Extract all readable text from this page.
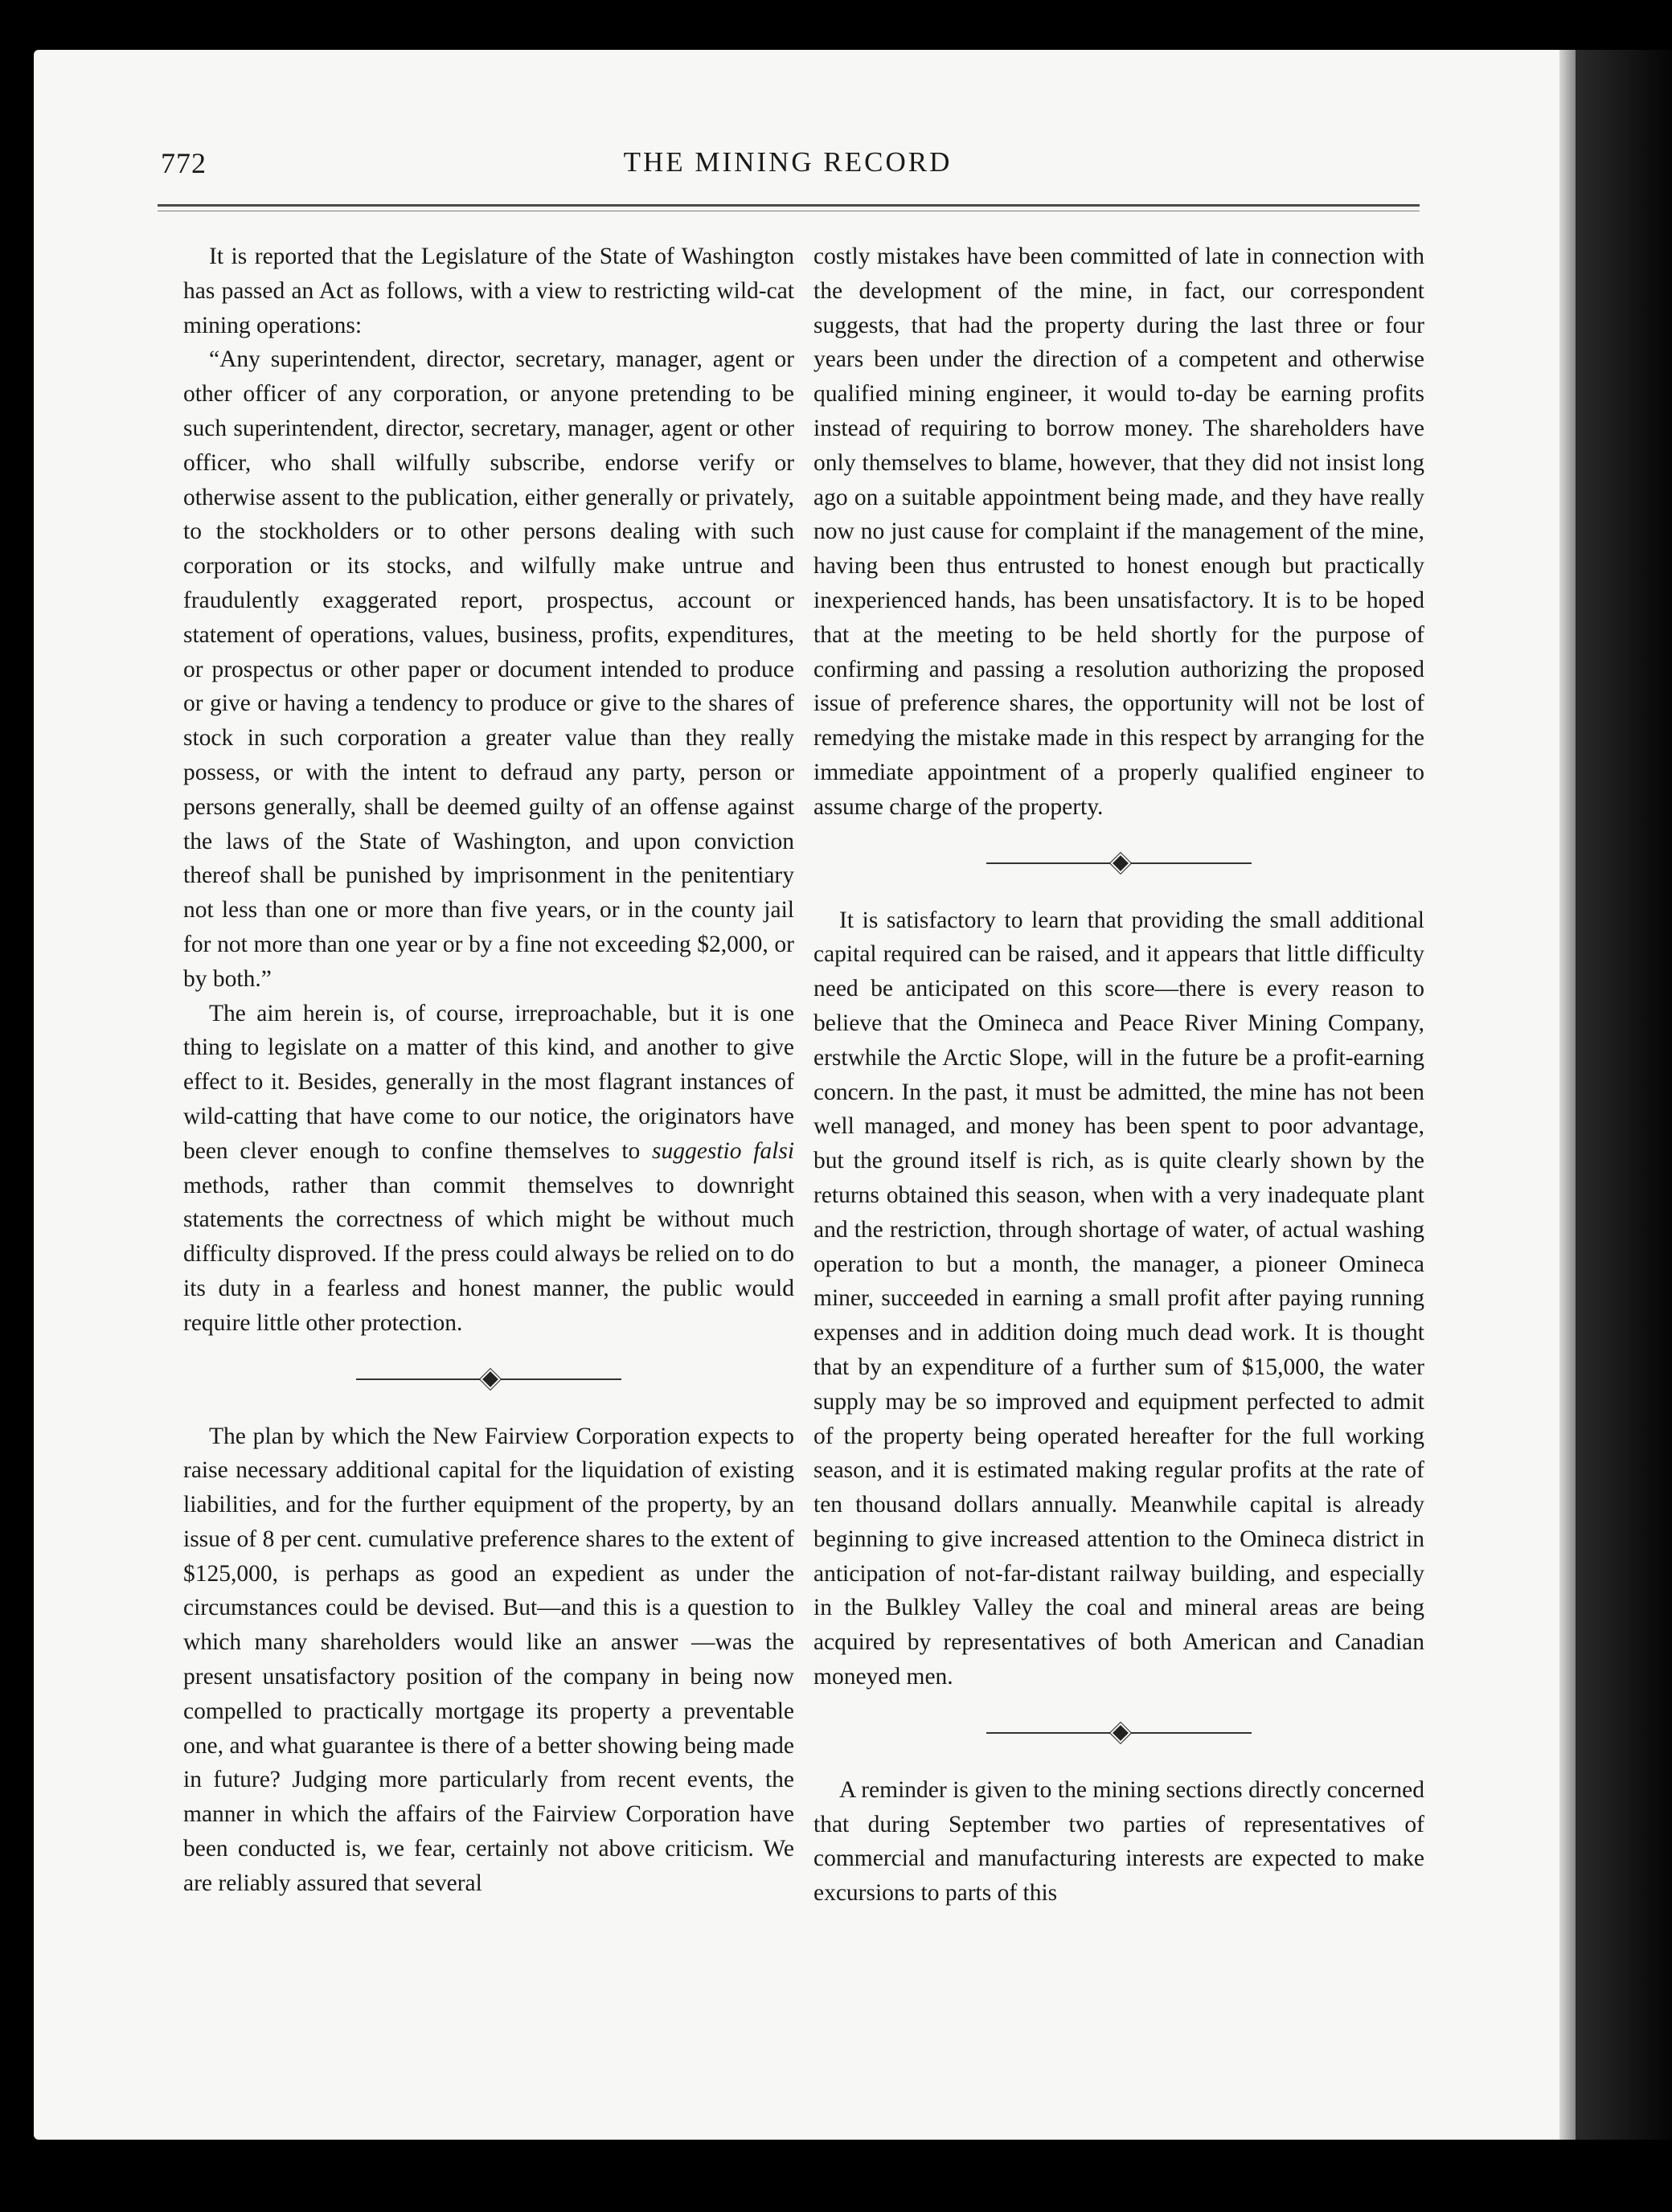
772	THE MINING RECORD

It is reported that the Legislature of the State of Washington has passed an Act as follows, with a view to restricting wild-cat mining operations:

“Any superintendent, director, secretary, manager, agent or other officer of any corporation, or anyone pretending to be such superintendent, director, secretary, manager, agent or other officer, who shall wilfully subscribe, endorse verify or otherwise assent to the publication, either generally or privately, to the stockholders or to other persons dealing with such corporation or its stocks, and wilfully make untrue and fraudulently exaggerated report, prospectus, account or statement of operations, values, business, profits, expenditures, or prospectus or other paper or document intended to produce or give or having a tendency to produce or give to the shares of stock in such corporation a greater value than they really possess, or with the intent to defraud any party, person or persons generally, shall be deemed guilty of an offense against the laws of the State of Washington, and upon conviction thereof shall be punished by imprisonment in the penitentiary not less than one or more than five years, or in the county jail for not more than one year or by a fine not exceeding $2,000, or by both.”

The aim herein is, of course, irreproachable, but it is one thing to legislate on a matter of this kind, and another to give effect to it. Besides, generally in the most flagrant instances of wild-catting that have come to our notice, the originators have been clever enough to confine themselves to suggestio falsi methods, rather than commit themselves to downright statements the correctness of which might be without much difficulty disproved. If the press could always be relied on to do its duty in a fearless and honest manner, the public would require little other protection.

The plan by which the New Fairview Corporation expects to raise necessary additional capital for the liquidation of existing liabilities, and for the further equipment of the property, by an issue of 8 per cent. cumulative preference shares to the extent of $125,000, is perhaps as good an expedient as under the circumstances could be devised. But—and this is a question to which many shareholders would like an answer —was the present unsatisfactory position of the company in being now compelled to practically mortgage its property a preventable one, and what guarantee is there of a better showing being made in future? Judging more particularly from recent events, the manner in which the affairs of the Fairview Corporation have been conducted is, we fear, certainly not above criticism. We are reliably assured that several

costly mistakes have been committed of late in connection with the development of the mine, in fact, our correspondent suggests, that had the property during the last three or four years been under the direction of a competent and otherwise qualified mining engineer, it would to-day be earning profits instead of requiring to borrow money. The shareholders have only themselves to blame, however, that they did not insist long ago on a suitable appointment being made, and they have really now no just cause for complaint if the management of the mine, having been thus entrusted to honest enough but practically inexperienced hands, has been unsatisfactory. It is to be hoped that at the meeting to be held shortly for the purpose of confirming and passing a resolution authorizing the proposed issue of preference shares, the opportunity will not be lost of remedying the mistake made in this respect by arranging for the immediate appointment of a properly qualified engineer to assume charge of the property.

It is satisfactory to learn that providing the small additional capital required can be raised, and it appears that little difficulty need be anticipated on this score—there is every reason to believe that the Omineca and Peace River Mining Company, erstwhile the Arctic Slope, will in the future be a profit-earning concern. In the past, it must be admitted, the mine has not been well managed, and money has been spent to poor advantage, but the ground itself is rich, as is quite clearly shown by the returns obtained this season, when with a very inadequate plant and the restriction, through shortage of water, of actual washing operation to but a month, the manager, a pioneer Omineca miner, succeeded in earning a small profit after paying running expenses and in addition doing much dead work. It is thought that by an expenditure of a further sum of $15,000, the water supply may be so improved and equipment perfected to admit of the property being operated hereafter for the full working season, and it is estimated making regular profits at the rate of ten thousand dollars annually. Meanwhile capital is already beginning to give increased attention to the Omineca district in anticipation of not-far-distant railway building, and especially in the Bulkley Valley the coal and mineral areas are being acquired by representatives of both American and Canadian moneyed men.

A reminder is given to the mining sections directly concerned that during September two parties of representatives of commercial and manufacturing interests are expected to make excursions to parts of this
